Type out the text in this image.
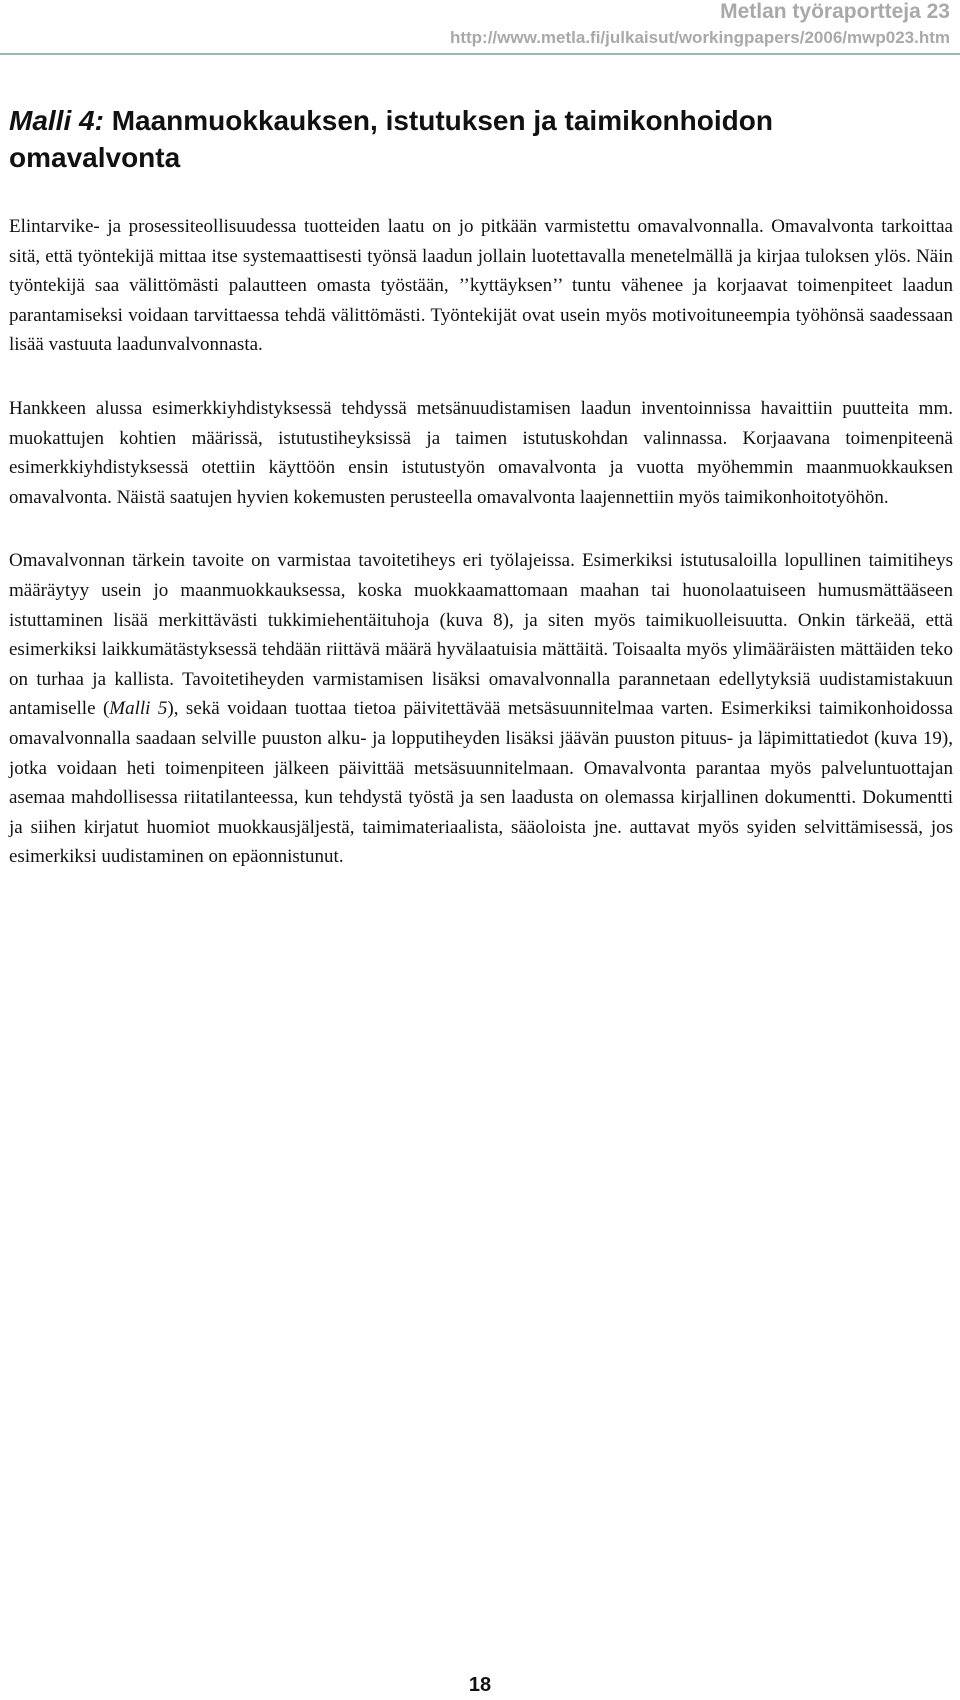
Metlan työraportteja 23
http://www.metla.fi/julkaisut/workingpapers/2006/mwp023.htm
Malli 4: Maanmuokkauksen, istutuksen ja taimikonhoidon omavalvonta

Elintarvike- ja prosessiteollisuudessa tuotteiden laatu on jo pitkään varmistettu omavalvonnalla. Omavalvonta tarkoittaa sitä, että työntekijä mittaa itse systemaattisesti työnsä laadun jollain luotettavalla menetelmällä ja kirjaa tuloksen ylös. Näin työntekijä saa välittömästi palautteen omasta työstään, ’’kyttäyksen’’ tuntu vähenee ja korjaavat toimenpiteet laadun parantamiseksi voidaan tarvittaessa tehdä välittömästi. Työntekijät ovat usein myös motivoituneempia työhönsä saadessaan lisää vastuuta laadunvalvonnasta.

Hankkeen alussa esimerkkiyhdistyksessä tehdyssä metsänuudistamisen laadun inventoinnissa havaittiin puutteita mm. muokattujen kohtien määrissä, istutustiheyksissä ja taimen istutuskohdan valinnassa. Korjaavana toimenpiteenä esimerkkiyhdistyksessä otettiin käyttöön ensin istutustyön omavalvonta ja vuotta myöhemmin maanmuokkauksen omavalvonta. Näistä saatujen hyvien kokemusten perusteella omavalvonta laajennettiin myös taimikonhoitotyöhön.

Omavalvonnan tärkein tavoite on varmistaa tavoitetiheys eri työlajeissa. Esimerkiksi istutusaloilla lopullinen taimitiheys määräytyy usein jo maanmuokkauksessa, koska muokkaamattomaan maahan tai huonolaatuiseen humusmättääseen istuttaminen lisää merkittävästi tukkimiehentäituhoja (kuva 8), ja siten myös taimikuolleisuutta. Onkin tärkeää, että esimerkiksi laikkumätästyksessä tehdään riittävä määrä hyvälaatuisia mättäitä. Toisaalta myös ylimääräisten mättäiden teko on turhaa ja kallista. Tavoitetiheyden varmistamisen lisäksi omavalvonnalla parannetaan edellytyksiä uudistamistakuun antamiselle (Malli 5), sekä voidaan tuottaa tietoa päivitettävää metsäsuunnitelmaa varten. Esimerkiksi taimikonhoidossa omavalvonnalla saadaan selville puuston alku- ja lopputiheyden lisäksi jäävän puuston pituus- ja läpimittatiedot (kuva 19), jotka voidaan heti toimenpiteen jälkeen päivittää metsäsuunnitelmaan. Omavalvonta parantaa myös palveluntuottajan asemaa mahdollisessa riitatilanteessa, kun tehdystä työstä ja sen laadusta on olemassa kirjallinen dokumentti. Dokumentti ja siihen kirjatut huomiot muokkausjäljestä, taimimateriaalista, sääoloista jne. auttavat myös syiden selvittämisessä, jos esimerkiksi uudistaminen on epäonnistunut.

18
